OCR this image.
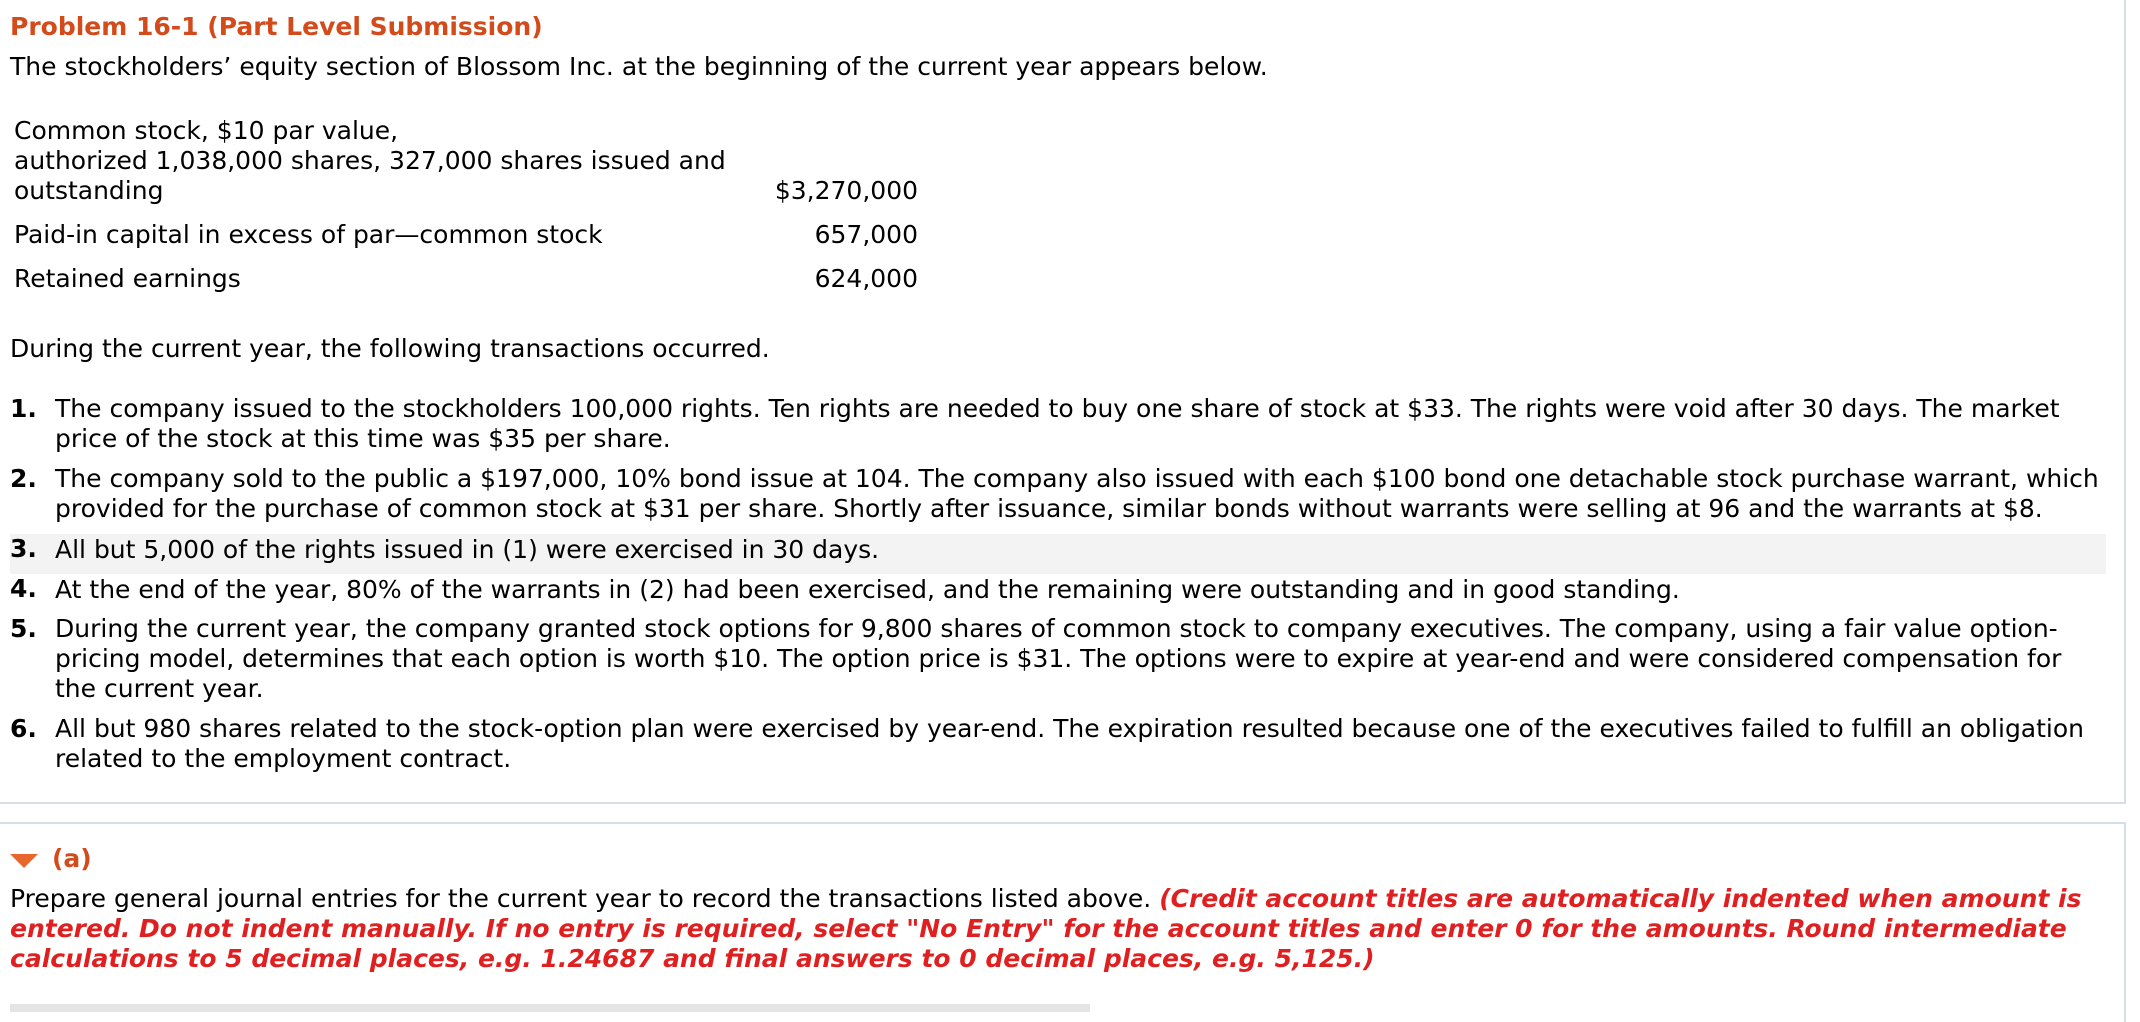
Problem 16-1 (Part Level Submission)
The stockholders’ equity section of Blossom Inc. at the beginning of the current year appears below.
Common stock, $10 par value,
authorized 1,038,000 shares, 327,000 shares issued and
outstanding	$3,270,000
Paid-in capital in excess of par—common stock	657,000
Retained earnings	624,000
During the current year, the following transactions occurred.
1. The company issued to the stockholders 100,000 rights. Ten rights are needed to buy one share of stock at $33. The rights were void after 30 days. The market price of the stock at this time was $35 per share.
2. The company sold to the public a $197,000, 10% bond issue at 104. The company also issued with each $100 bond one detachable stock purchase warrant, which provided for the purchase of common stock at $31 per share. Shortly after issuance, similar bonds without warrants were selling at 96 and the warrants at $8.
3. All but 5,000 of the rights issued in (1) were exercised in 30 days.
4. At the end of the year, 80% of the warrants in (2) had been exercised, and the remaining were outstanding and in good standing.
5. During the current year, the company granted stock options for 9,800 shares of common stock to company executives. The company, using a fair value option-pricing model, determines that each option is worth $10. The option price is $31. The options were to expire at year-end and were considered compensation for the current year.
6. All but 980 shares related to the stock-option plan were exercised by year-end. The expiration resulted because one of the executives failed to fulfill an obligation related to the employment contract.
(a)
Prepare general journal entries for the current year to record the transactions listed above. (Credit account titles are automatically indented when amount is entered. Do not indent manually. If no entry is required, select "No Entry" for the account titles and enter 0 for the amounts. Round intermediate calculations to 5 decimal places, e.g. 1.24687 and final answers to 0 decimal places, e.g. 5,125.)
